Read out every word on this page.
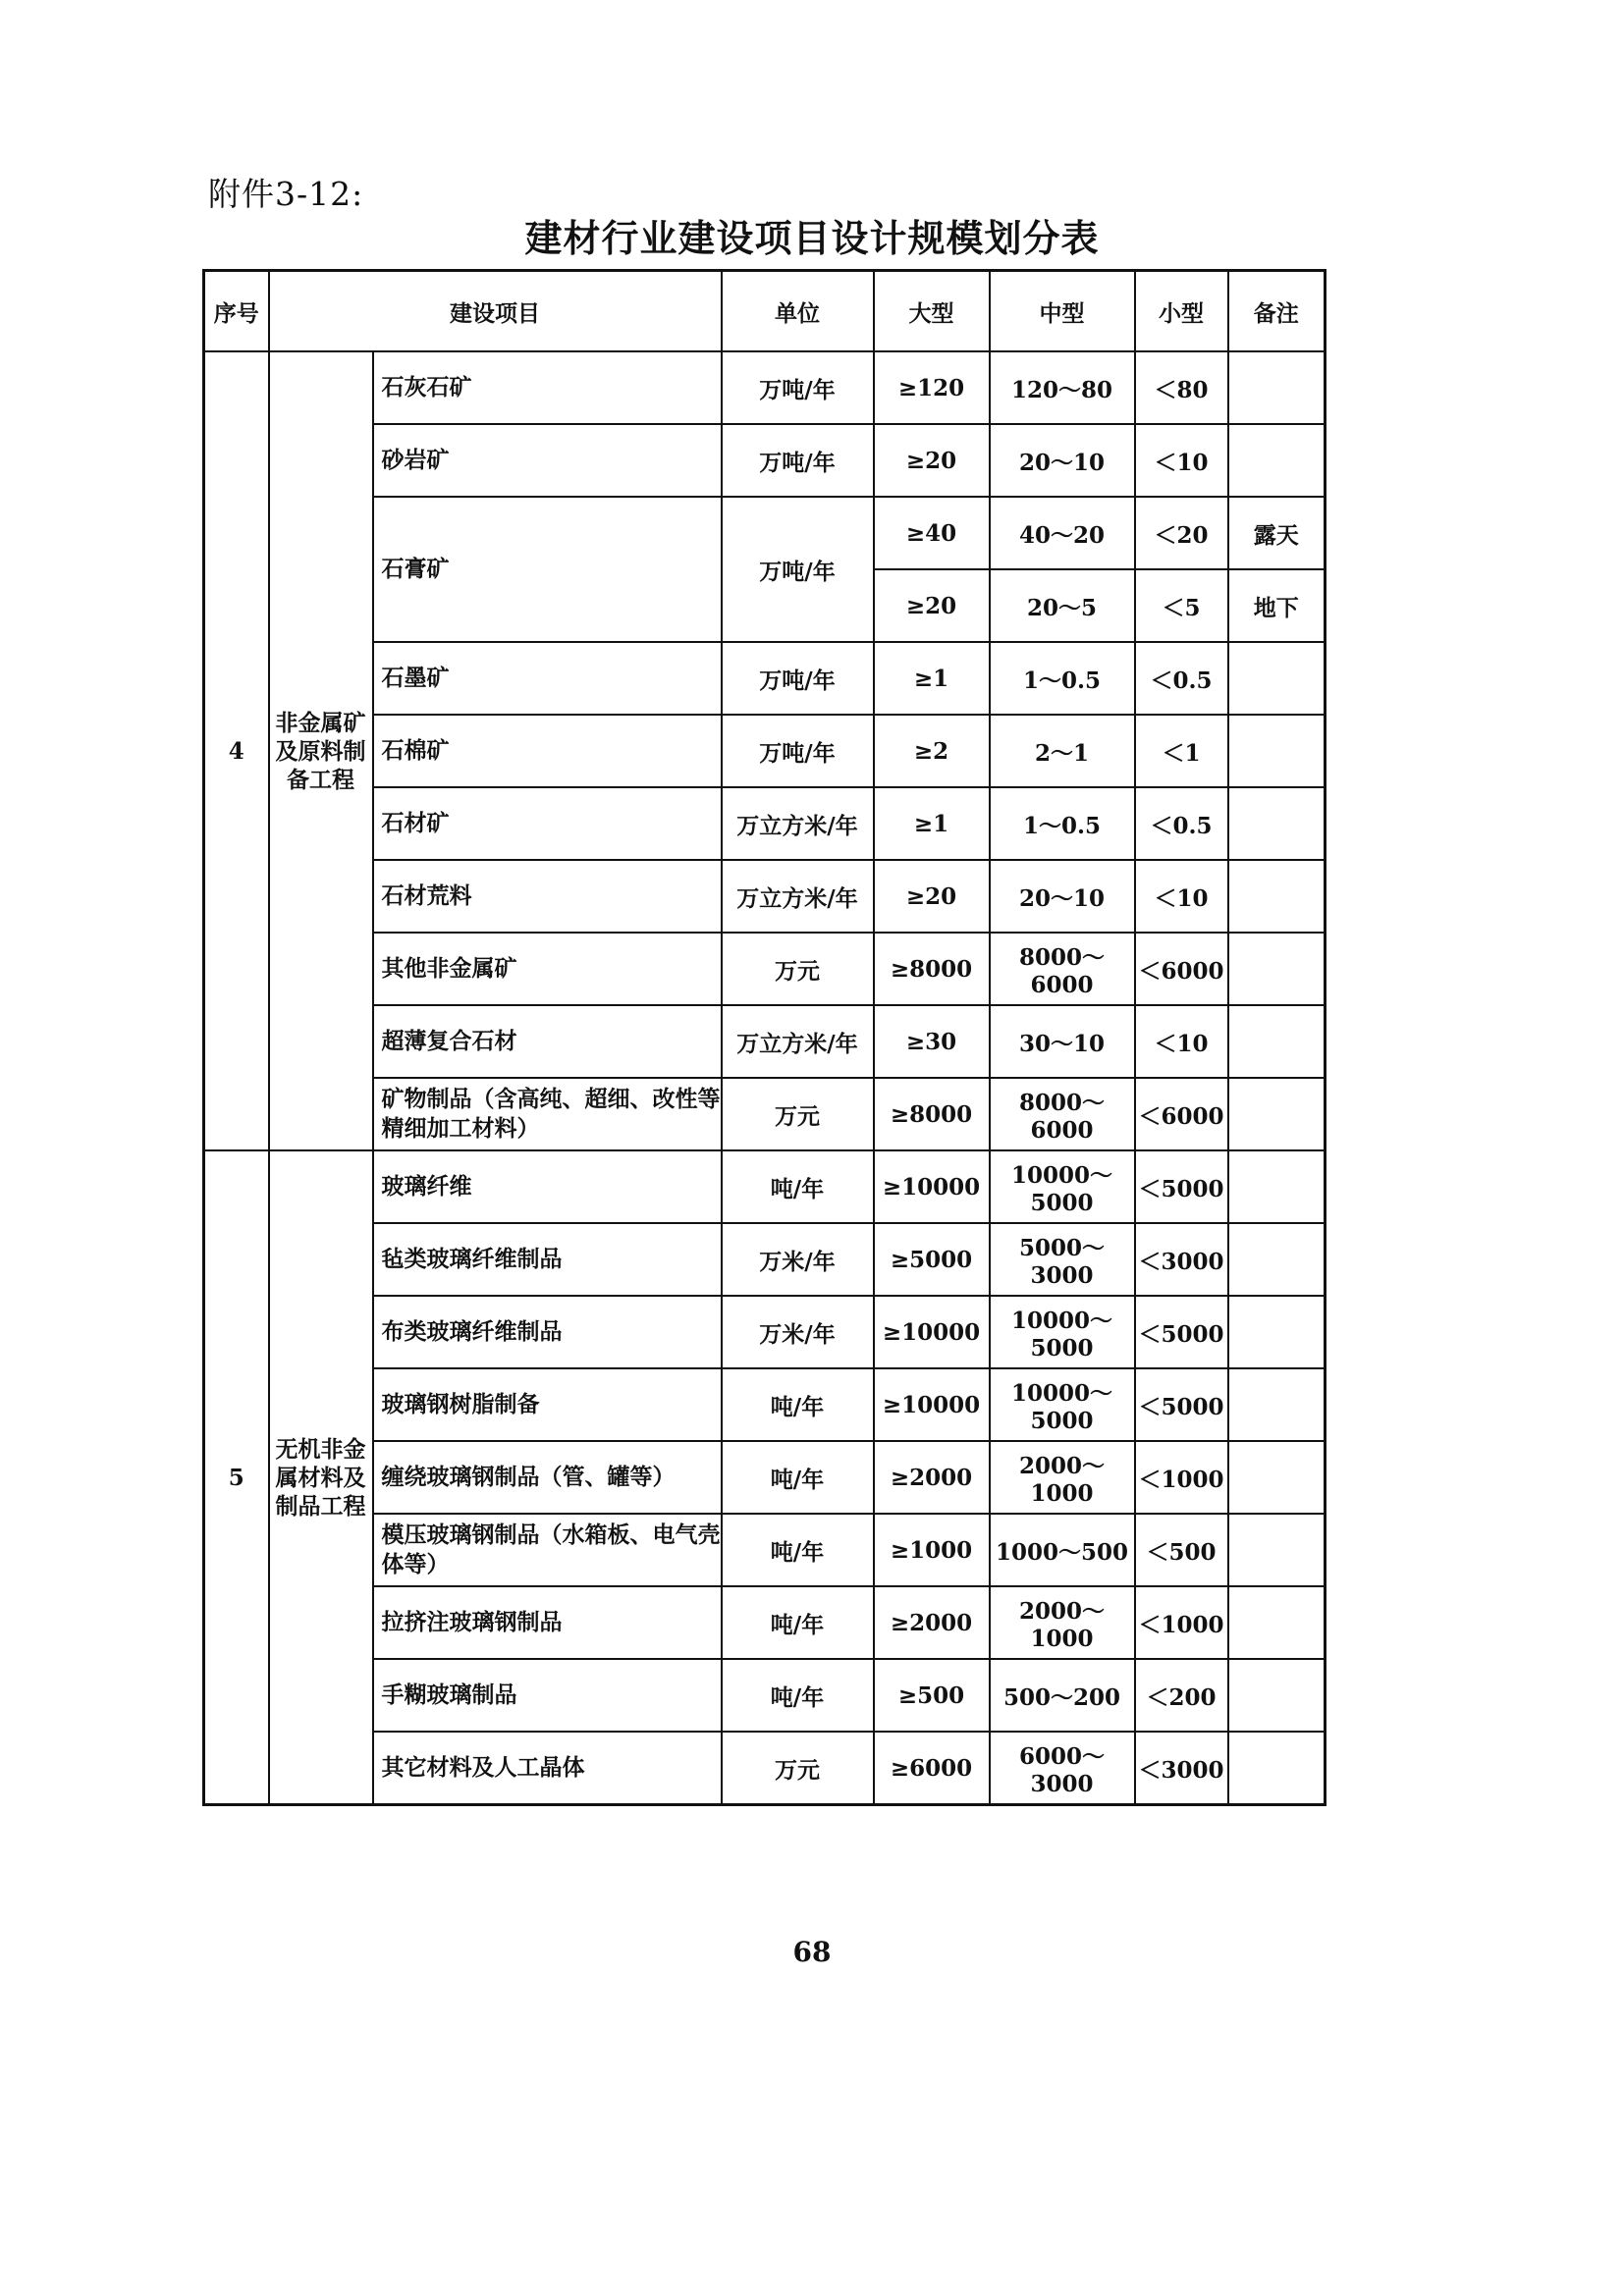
附件3-12:
建材行业建设项目设计规模划分表
序号	建设项目		单位	大型	中型	小型	备注
4	非金属矿及原料制备工程	石灰石矿	万吨/年	≥120	120～80	＜80	
		砂岩矿	万吨/年	≥20	20～10	＜10	
		石膏矿	万吨/年	≥40	40～20	＜20	露天
				≥20	20～5	＜5	地下
		石墨矿	万吨/年	≥1	1～0.5	＜0.5	
		石棉矿	万吨/年	≥2	2～1	＜1	
		石材矿	万立方米/年	≥1	1～0.5	＜0.5	
		石材荒料	万立方米/年	≥20	20～10	＜10	
		其他非金属矿	万元	≥8000	8000～6000	＜6000	
		超薄复合石材	万立方米/年	≥30	30～10	＜10	
		矿物制品（含高纯、超细、改性等精细加工材料）	万元	≥8000	8000～6000	＜6000	
5	无机非金属材料及制品工程	玻璃纤维	吨/年	≥10000	10000～5000	＜5000	
		毡类玻璃纤维制品	万米/年	≥5000	5000～3000	＜3000	
		布类玻璃纤维制品	万米/年	≥10000	10000～5000	＜5000	
		玻璃钢树脂制备	吨/年	≥10000	10000～5000	＜5000	
		缠绕玻璃钢制品（管、罐等）	吨/年	≥2000	2000～1000	＜1000	
		模压玻璃钢制品（水箱板、电气壳体等）	吨/年	≥1000	1000～500	＜500	
		拉挤注玻璃钢制品	吨/年	≥2000	2000～1000	＜1000	
		手糊玻璃制品	吨/年	≥500	500～200	＜200	
		其它材料及人工晶体	万元	≥6000	6000～3000	＜3000	
68
